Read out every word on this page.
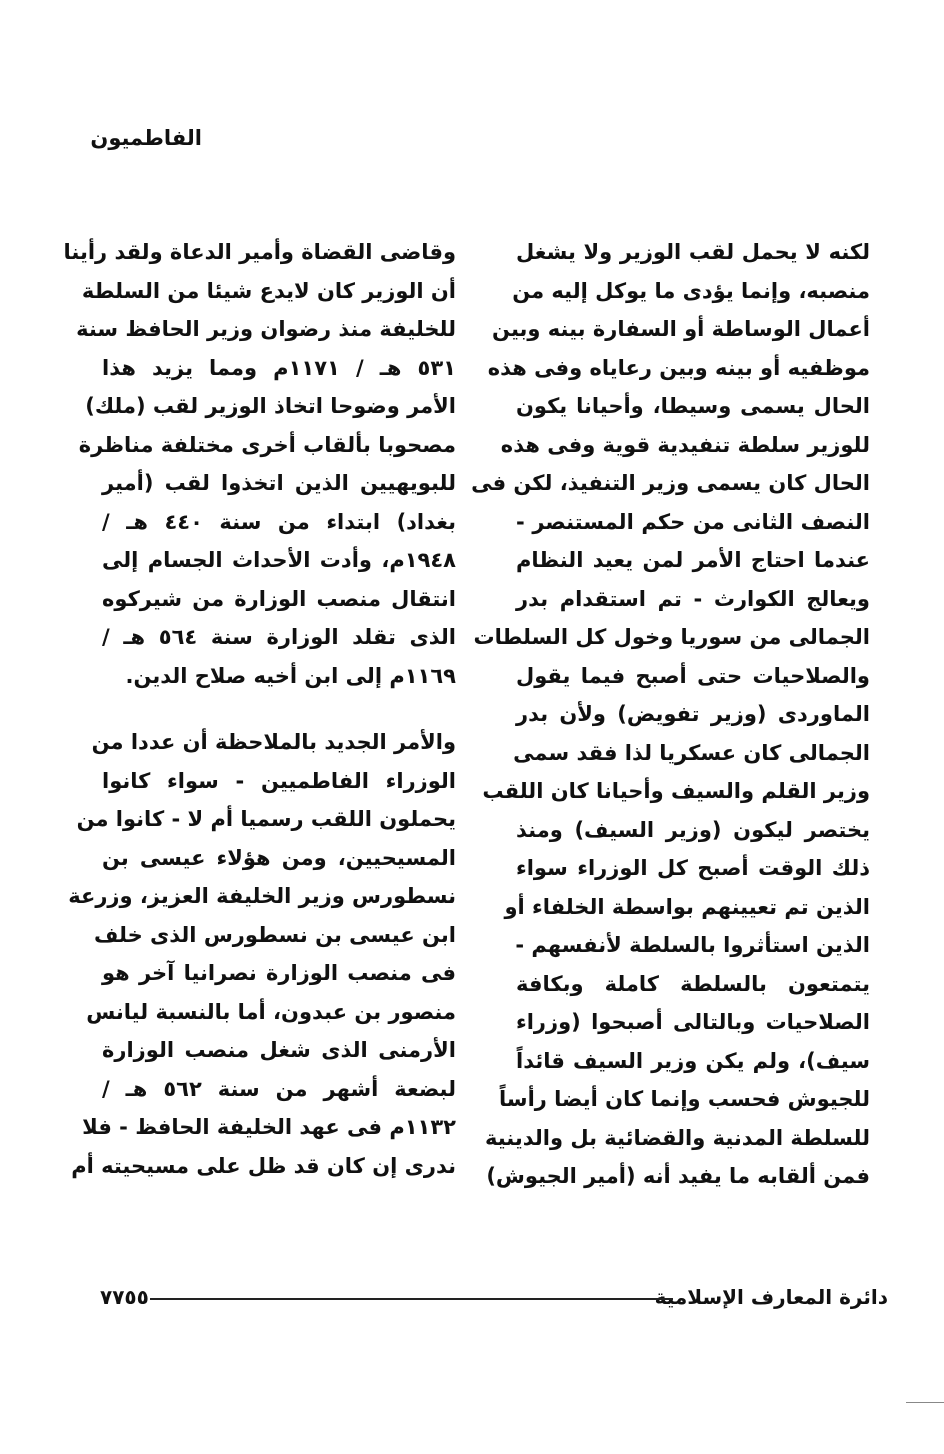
الفاطميون
لكنه لا يحمل لقب الوزير ولا يشغل
منصبه، وإنما يؤدى ما يوكل إليه من
أعمال الوساطة أو السفارة بينه وبين
موظفيه أو بينه وبين رعاياه وفى هذه
الحال يسمى وسيطا، وأحيانا يكون
للوزير سلطة تنفيدية قوية وفى هذه
الحال كان يسمى وزير التنفيذ، لكن فى
النصف الثانى من حكم المستنصر -
عندما احتاج الأمر لمن يعيد النظام
ويعالج الكوارث - تم استقدام بدر
الجمالى من سوريا وخول كل السلطات
والصلاحيات حتى أصبح فيما يقول
الماوردى (وزير تفويض) ولأن بدر
الجمالى كان عسكريا لذا فقد سمى
وزير القلم والسيف وأحيانا كان اللقب
يختصر ليكون (وزير السيف) ومنذ
ذلك الوقت أصبح كل الوزراء سواء
الذين تم تعيينهم بواسطة الخلفاء أو
الذين استأثروا بالسلطة لأنفسهم -
يتمتعون بالسلطة كاملة وبكافة
الصلاحيات وبالتالى أصبحوا (وزراء
سيف)، ولم يكن وزير السيف قائداً
للجيوش فحسب وإنما كان أيضا رأساً
للسلطة المدنية والقضائية بل والدينية
فمن ألقابه ما يفيد أنه (أمير الجيوش)
وقاضى القضاة وأمير الدعاة ولقد رأينا
أن الوزير كان لايدع شيئا من السلطة
للخليفة منذ رضوان وزير الحافظ سنة
٥٣١ هـ / ١١٧١م ومما يزيد هذا
الأمر وضوحا اتخاذ الوزير لقب (ملك)
مصحوبا بألقاب أخرى مختلفة مناظرة
للبويهيين الذين اتخذوا لقب (أمير
بغداد) ابتداء من سنة ٤٤٠ هـ /
١٩٤٨م، وأدت الأحداث الجسام إلى
انتقال منصب الوزارة من شيركوه
الذى تقلد الوزارة سنة ٥٦٤ هـ /
١١٦٩م إلى ابن أخيه صلاح الدين.
والأمر الجديد بالملاحظة أن عددا من
الوزراء الفاطميين - سواء كانوا
يحملون اللقب رسميا أم لا - كانوا من
المسيحيين، ومن هؤلاء عيسى بن
نسطورس وزير الخليفة العزيز، وزرعة
ابن عيسى بن نسطورس الذى خلف
فى منصب الوزارة نصرانيا آخر هو
منصور بن عبدون، أما بالنسبة ليانس
الأرمنى الذى شغل منصب الوزارة
لبضعة أشهر من سنة ٥٦٢ هـ /
١١٣٢م فى عهد الخليفة الحافظ - فلا
ندرى إن كان قد ظل على مسيحيته أم
دائرة المعارف الإسلامية
٧٧٥٥
